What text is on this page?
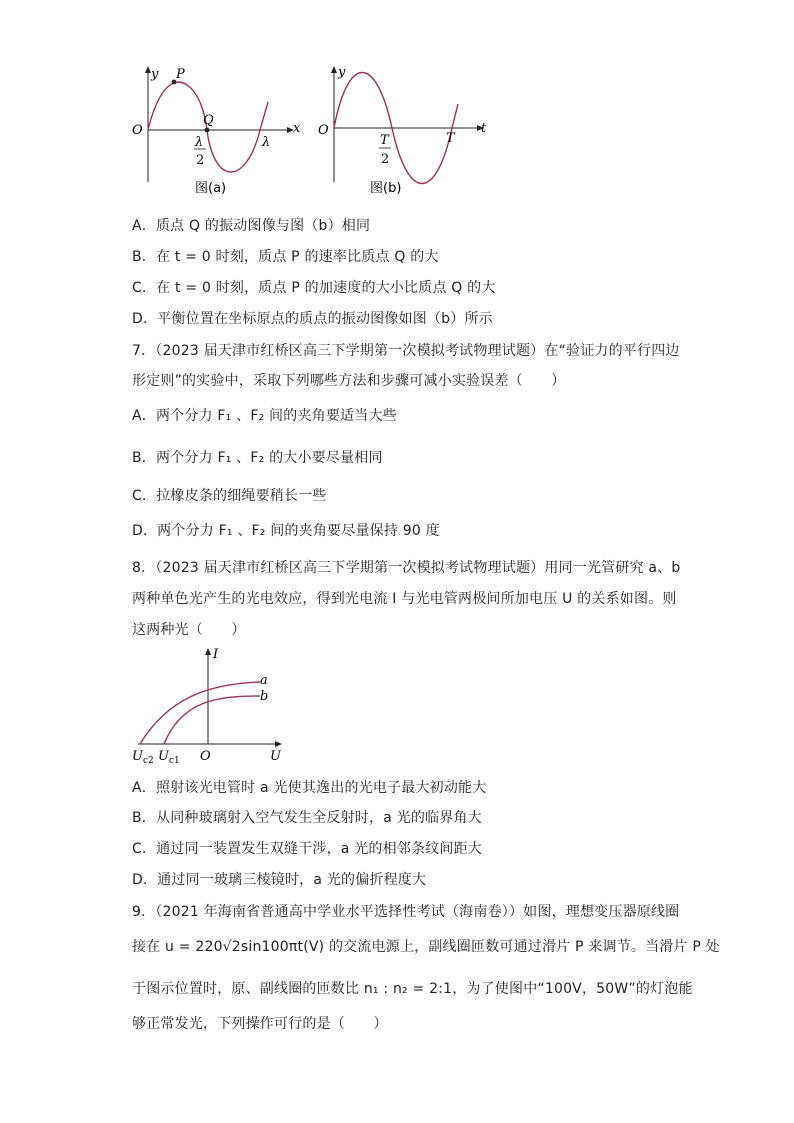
y P
Q
O	x
λ
2
λ
图(a)
y
O	t
T
2
T
图(b)
A．质点 Q 的振动图像与图（b）相同
B．在 t = 0 时刻，质点 P 的速率比质点 Q 的大
C．在 t = 0 时刻，质点 P 的加速度的大小比质点 Q 的大
D．平衡位置在坐标原点的质点的振动图像如图（b）所示
7．（2023 届天津市红桥区高三下学期第一次模拟考试物理试题）在“验证力的平行四边
形定则”的实验中，采取下列哪些方法和步骤可减小实验误差（　　）
A．两个分力 F₁ 、F₂ 间的夹角要适当大些
B．两个分力 F₁ 、F₂ 的大小要尽量相同
C．拉橡皮条的细绳要稍长一些
D．两个分力 F₁ 、F₂ 间的夹角要尽量保持 90 度
8．（2023 届天津市红桥区高三下学期第一次模拟考试物理试题）用同一光管研究 a、b
两种单色光产生的光电效应，得到光电流 I 与光电管两极间所加电压 U 的关系如图。则
这两种光（　　）
I
a
b
$U_{c2}$ $U_{c1}$ O	U
A．照射该光电管时 a 光使其逸出的光电子最大初动能大
B．从同种玻璃射入空气发生全反射时，a 光的临界角大
C．通过同一装置发生双缝干涉，a 光的相邻条纹间距大
D．通过同一玻璃三棱镜时，a 光的偏折程度大
9．（2021 年海南省普通高中学业水平选择性考试（海南卷））如图，理想变压器原线圈
接在 u = 220√2sin100πt(V) 的交流电源上，副线圈匝数可通过滑片 P 来调节。当滑片 P 处
于图示位置时，原、副线圈的匝数比 n₁ : n₂ = 2:1，为了使图中“100V，50W”的灯泡能
够正常发光，下列操作可行的是（　　）
